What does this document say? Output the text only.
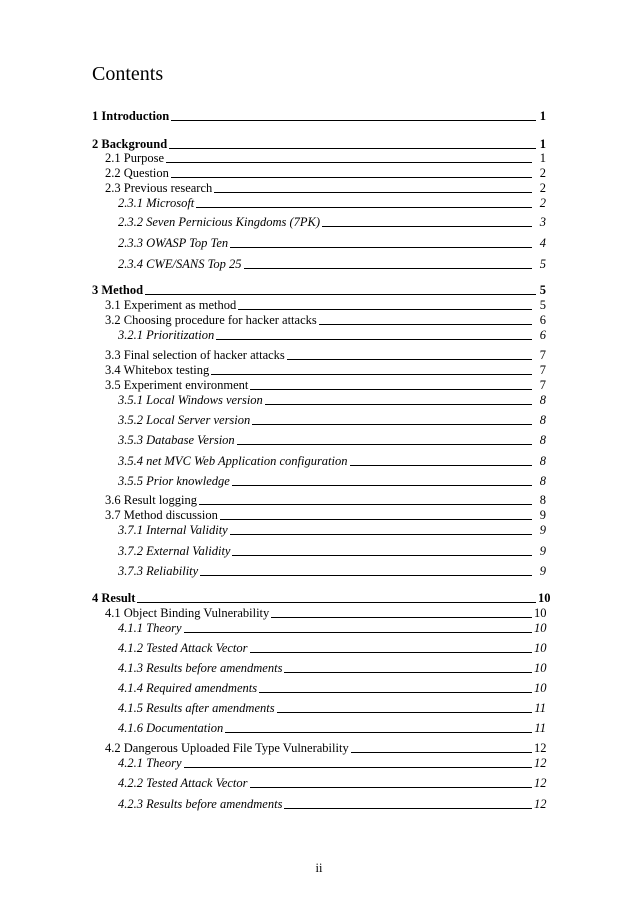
Contents
1 Introduction	1
2 Background	1
2.1 Purpose	1
2.2 Question	2
2.3 Previous research	2
2.3.1 Microsoft	2
2.3.2 Seven Pernicious Kingdoms (7PK)	3
2.3.3 OWASP Top Ten	4
2.3.4 CWE/SANS Top 25	5
3 Method	5
3.1 Experiment as method	5
3.2 Choosing procedure for hacker attacks	6
3.2.1 Prioritization	6
3.3 Final selection of hacker attacks	7
3.4 Whitebox testing	7
3.5 Experiment environment	7
3.5.1 Local Windows version	8
3.5.2 Local Server version	8
3.5.3 Database Version	8
3.5.4 net MVC Web Application configuration	8
3.5.5 Prior knowledge	8
3.6 Result logging	8
3.7 Method discussion	9
3.7.1 Internal Validity	9
3.7.2 External Validity	9
3.7.3 Reliability	9
4 Result	10
4.1 Object Binding Vulnerability	10
4.1.1 Theory	10
4.1.2 Tested Attack Vector	10
4.1.3 Results before amendments	10
4.1.4 Required amendments	10
4.1.5 Results after amendments	11
4.1.6 Documentation	11
4.2 Dangerous Uploaded File Type Vulnerability	12
4.2.1 Theory	12
4.2.2 Tested Attack Vector	12
4.2.3 Results before amendments	12
ii
